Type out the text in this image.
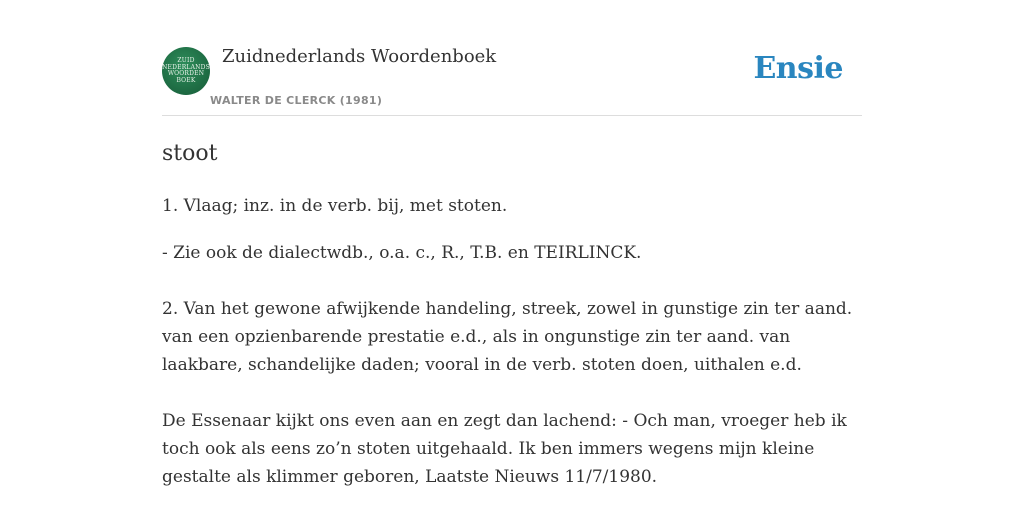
ZUID
NEDERLANDS
WOORDEN
BOEK
Zuidnederlands Woordenboek
WALTER DE CLERCK (1981)
Ensie
stoot

1. Vlaag; inz. in de verb. bij, met stoten.

- Zie ook de dialectwdb., o.a. c., R., T.B. en TEIRLINCK.

2. Van het gewone afwijkende handeling, streek, zowel in gunstige zin ter aand. van een opzienbarende prestatie e.d., als in ongunstige zin ter aand. van laakbare, schandelijke daden; vooral in de verb. stoten doen, uithalen e.d.

De Essenaar kijkt ons even aan en zegt dan lachend: - Och man, vroeger heb ik toch ook als eens zo’n stoten uitgehaald. Ik ben immers wegens mijn kleine gestalte als klimmer geboren, Laatste Nieuws 11/7/1980.
